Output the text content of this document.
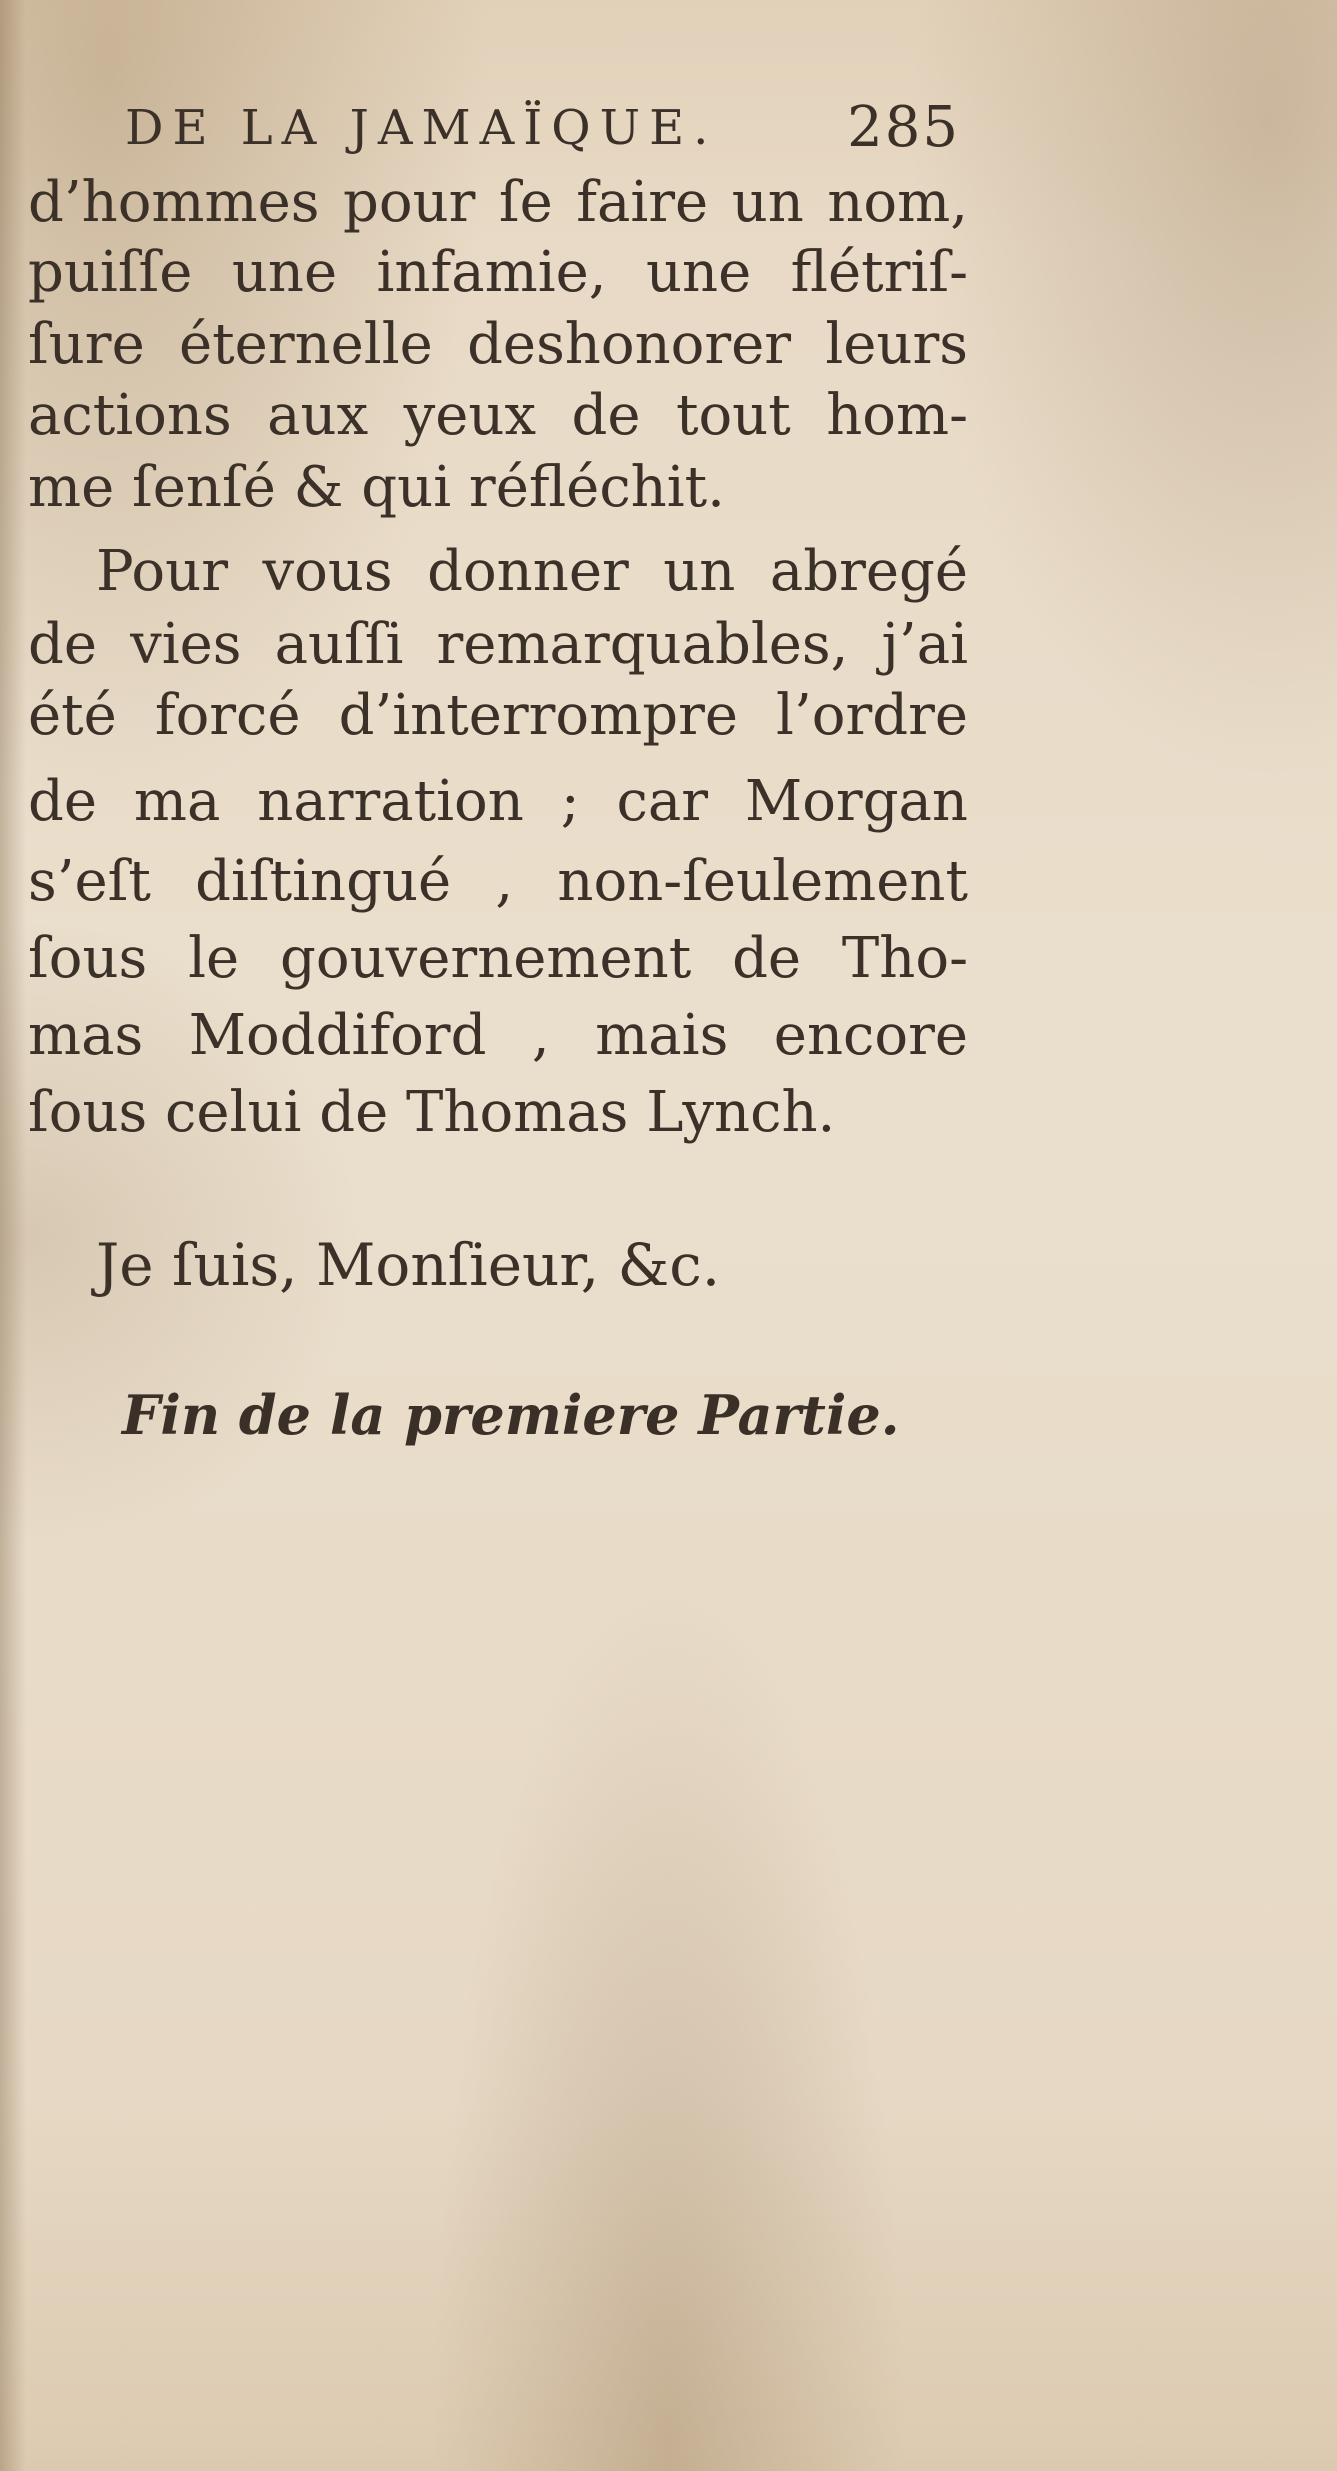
DE LA JAMAÏQUE. 285
d’hommes pour ſe faire un nom,
puiſſe une infamie, une flétriſ-
ſure éternelle deshonorer leurs
actions aux yeux de tout hom-
me ſenſé & qui réfléchit.
Pour vous donner un abregé
de vies auſſi remarquables, j’ai
été forcé d’interrompre l’ordre
de ma narration ; car Morgan
s’eſt diſtingué , non-ſeulement
ſous le gouvernement de Tho-
mas Moddiford , mais encore
ſous celui de Thomas Lynch.
Je ſuis, Monſieur, &c.
Fin de la premiere Partie.
